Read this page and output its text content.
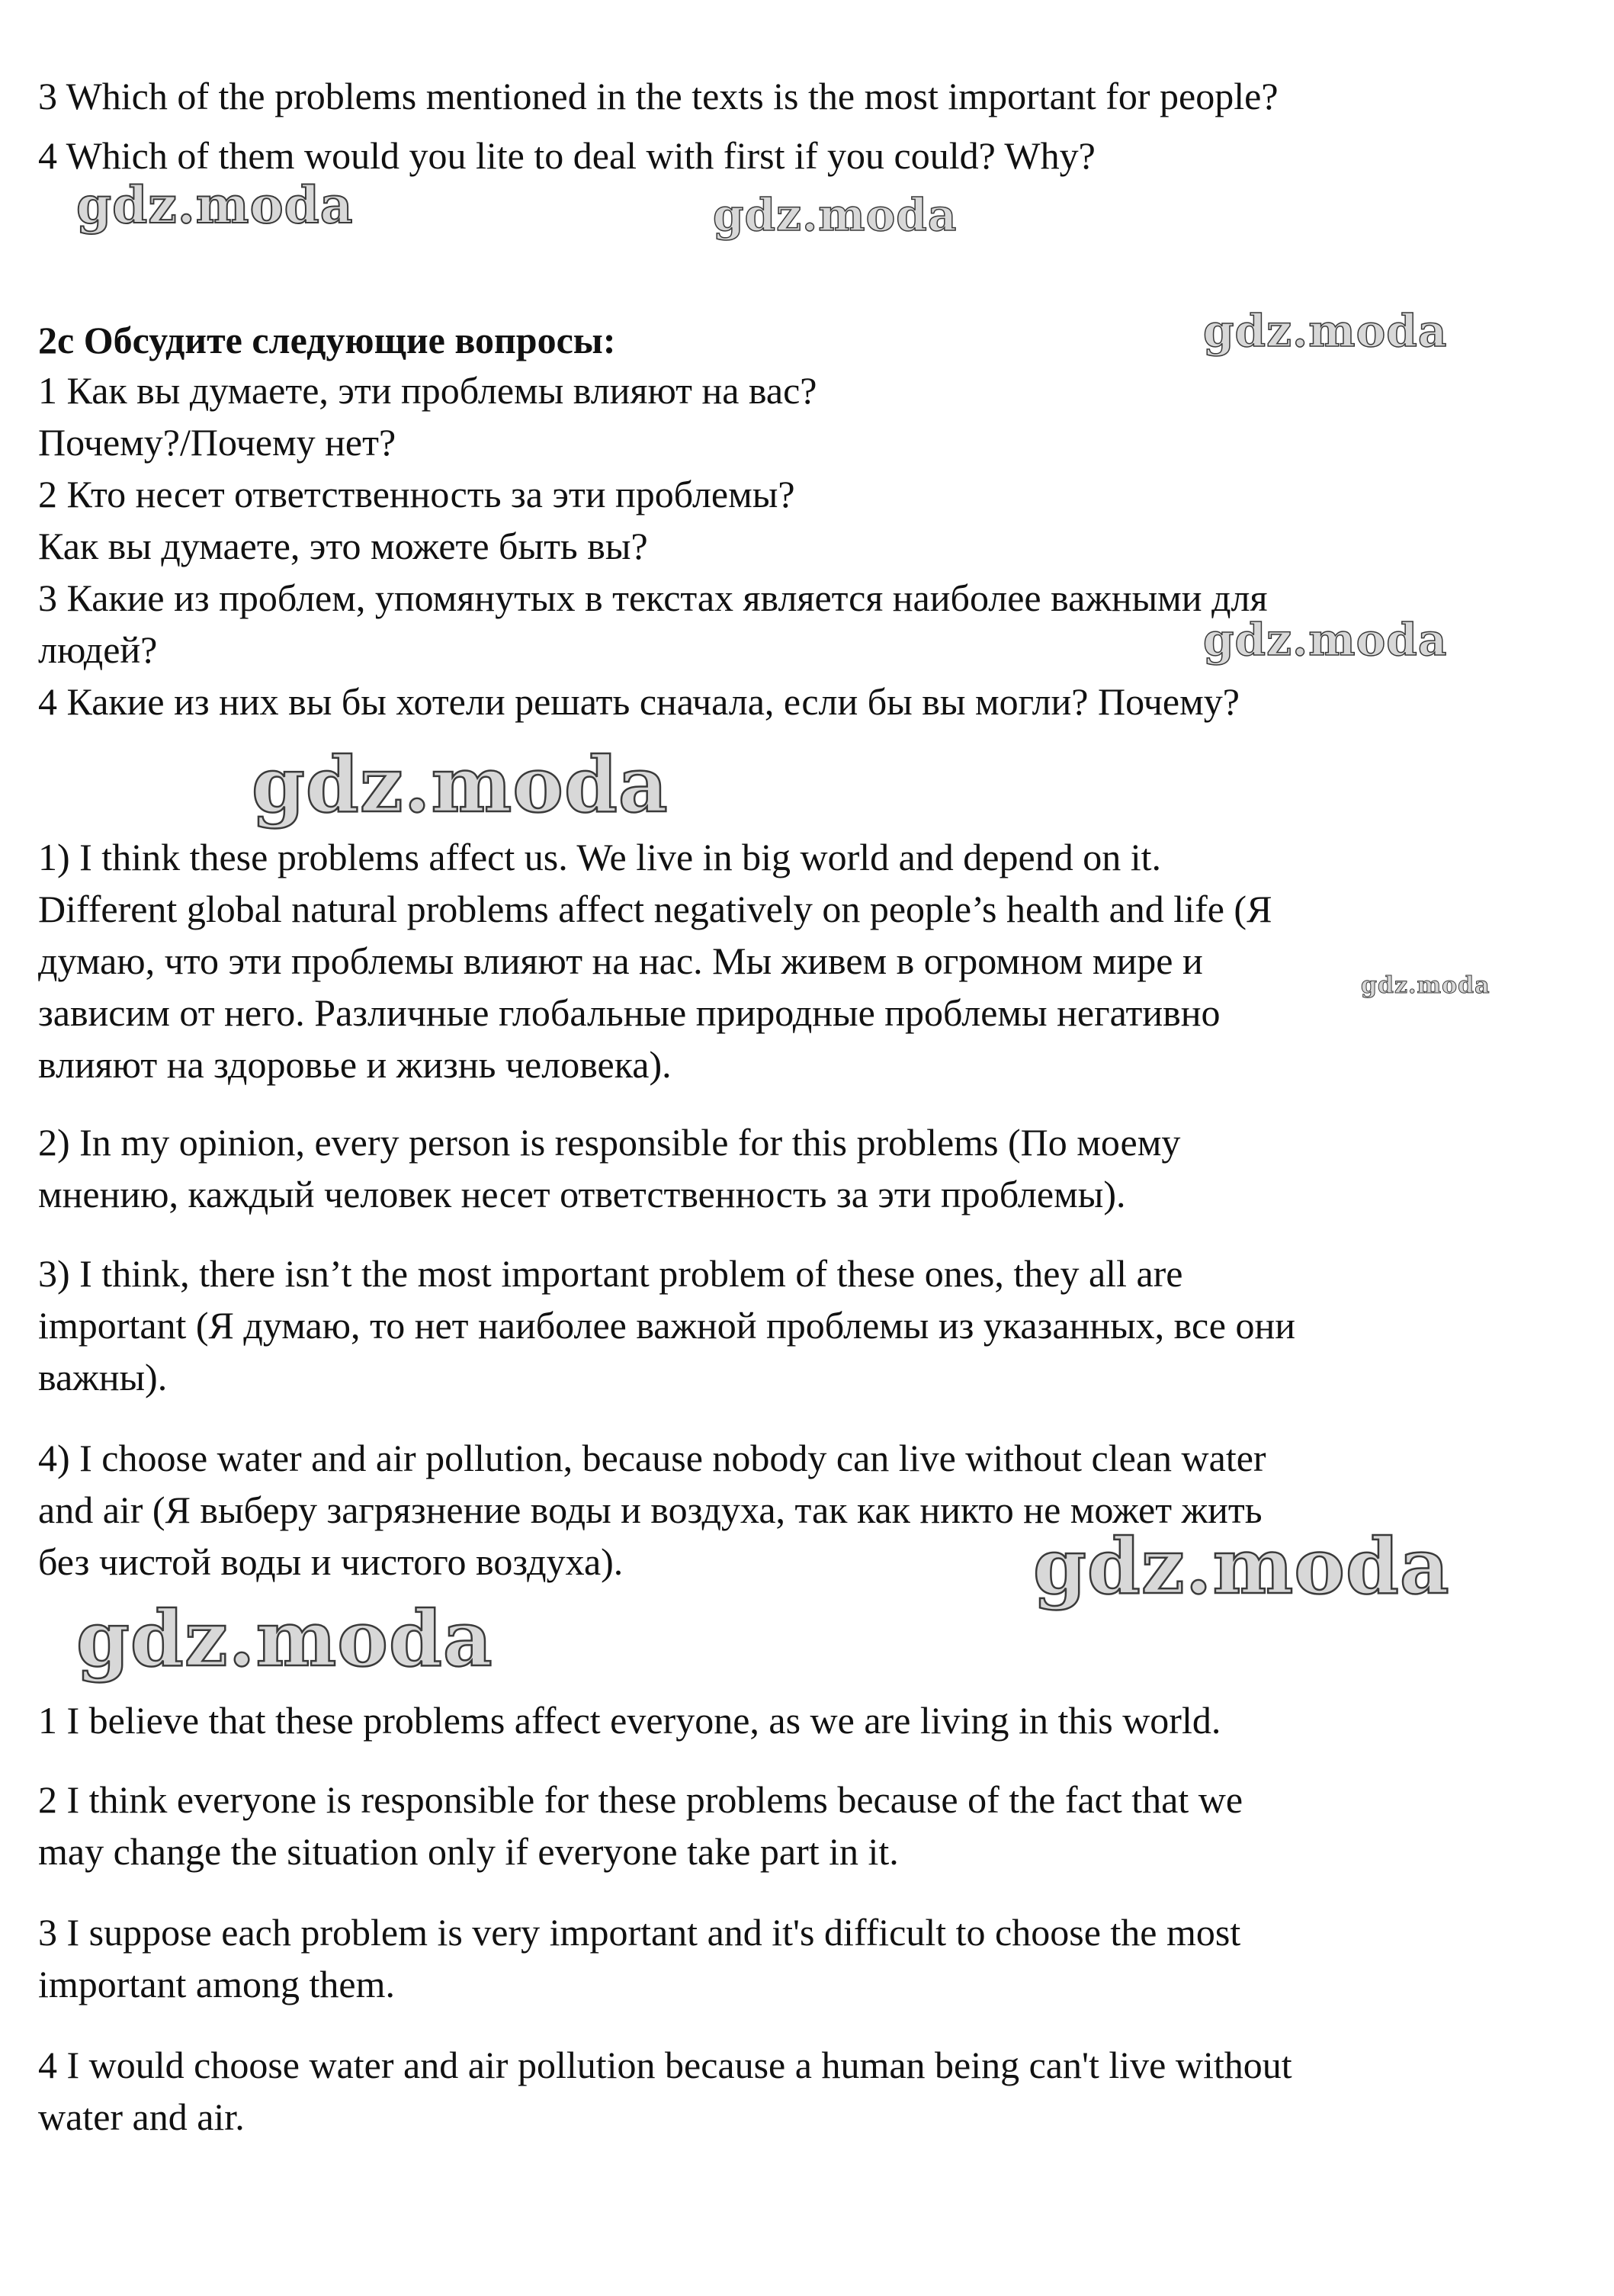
3 Which of the problems mentioned in the texts is the most important for people?
4 Which of them would you lite to deal with first if you could? Why?
gdz.moda	gdz.moda
2c Обсудите следующие вопросы:	gdz.moda
1 Как вы думаете, эти проблемы влияют на вас?
Почему?/Почему нет?
2 Кто несет ответственность за эти проблемы?
Как вы думаете, это можете быть вы?
3 Какие из проблем, упомянутых в текстах является наиболее важными для
людей?	gdz.moda
4 Какие из них вы бы хотели решать сначала, если бы вы могли? Почему?
gdz.moda
1) I think these problems affect us. We live in big world and depend on it.
Different global natural problems affect negatively on people’s health and life (Я
думаю, что эти проблемы влияют на нас. Мы живем в огромном мире и
gdz.moda
зависим от него. Различные глобальные природные проблемы негативно
влияют на здоровье и жизнь человека).
2) In my opinion, every person is responsible for this problems (По моему
мнению, каждый человек несет ответственность за эти проблемы).
3) I think, there isn’t the most important problem of these ones, they all are
important (Я думаю, то нет наиболее важной проблемы из указанных, все они
важны).
4) I choose water and air pollution, because nobody can live without clean water
and air (Я выберу загрязнение воды и воздуха, так как никто не может жить
без чистой воды и чистого воздуха).	gdz.moda
gdz.moda
1 I believe that these problems affect everyone, as we are living in this world.
2 I think everyone is responsible for these problems because of the fact that we
may change the situation only if everyone take part in it.
3 I suppose each problem is very important and it's difficult to choose the most
important among them.
4 I would choose water and air pollution because a human being can't live without
water and air.
